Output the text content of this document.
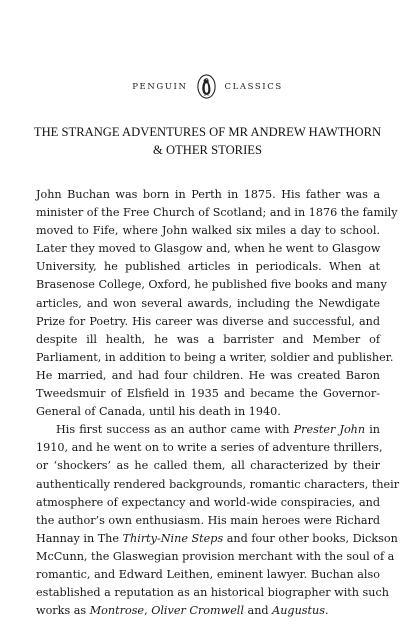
PENGUIN	CLASSICS
THE STRANGE ADVENTURES OF MR ANDREW HAWTHORN
& OTHER STORIES
John Buchan was born in Perth in 1875. His father was a
minister of the Free Church of Scotland; and in 1876 the family
moved to Fife, where John walked six miles a day to school.
Later they moved to Glasgow and, when he went to Glasgow
University, he published articles in periodicals. When at
Brasenose College, Oxford, he published five books and many
articles, and won several awards, including the Newdigate
Prize for Poetry. His career was diverse and successful, and
despite ill health, he was a barrister and Member of
Parliament, in addition to being a writer, soldier and publisher.
He married, and had four children. He was created Baron
Tweedsmuir of Elsfield in 1935 and became the Governor-
General of Canada, until his death in 1940.
His first success as an author came with Prester John in
1910, and he went on to write a series of adventure thrillers,
or ‘shockers’ as he called them, all characterized by their
authentically rendered backgrounds, romantic characters, their
atmosphere of expectancy and world-wide conspiracies, and
the author’s own enthusiasm. His main heroes were Richard
Hannay in The Thirty-Nine Steps and four other books, Dickson
McCunn, the Glaswegian provision merchant with the soul of a
romantic, and Edward Leithen, eminent lawyer. Buchan also
established a reputation as an historical biographer with such
works as Montrose, Oliver Cromwell and Augustus.
